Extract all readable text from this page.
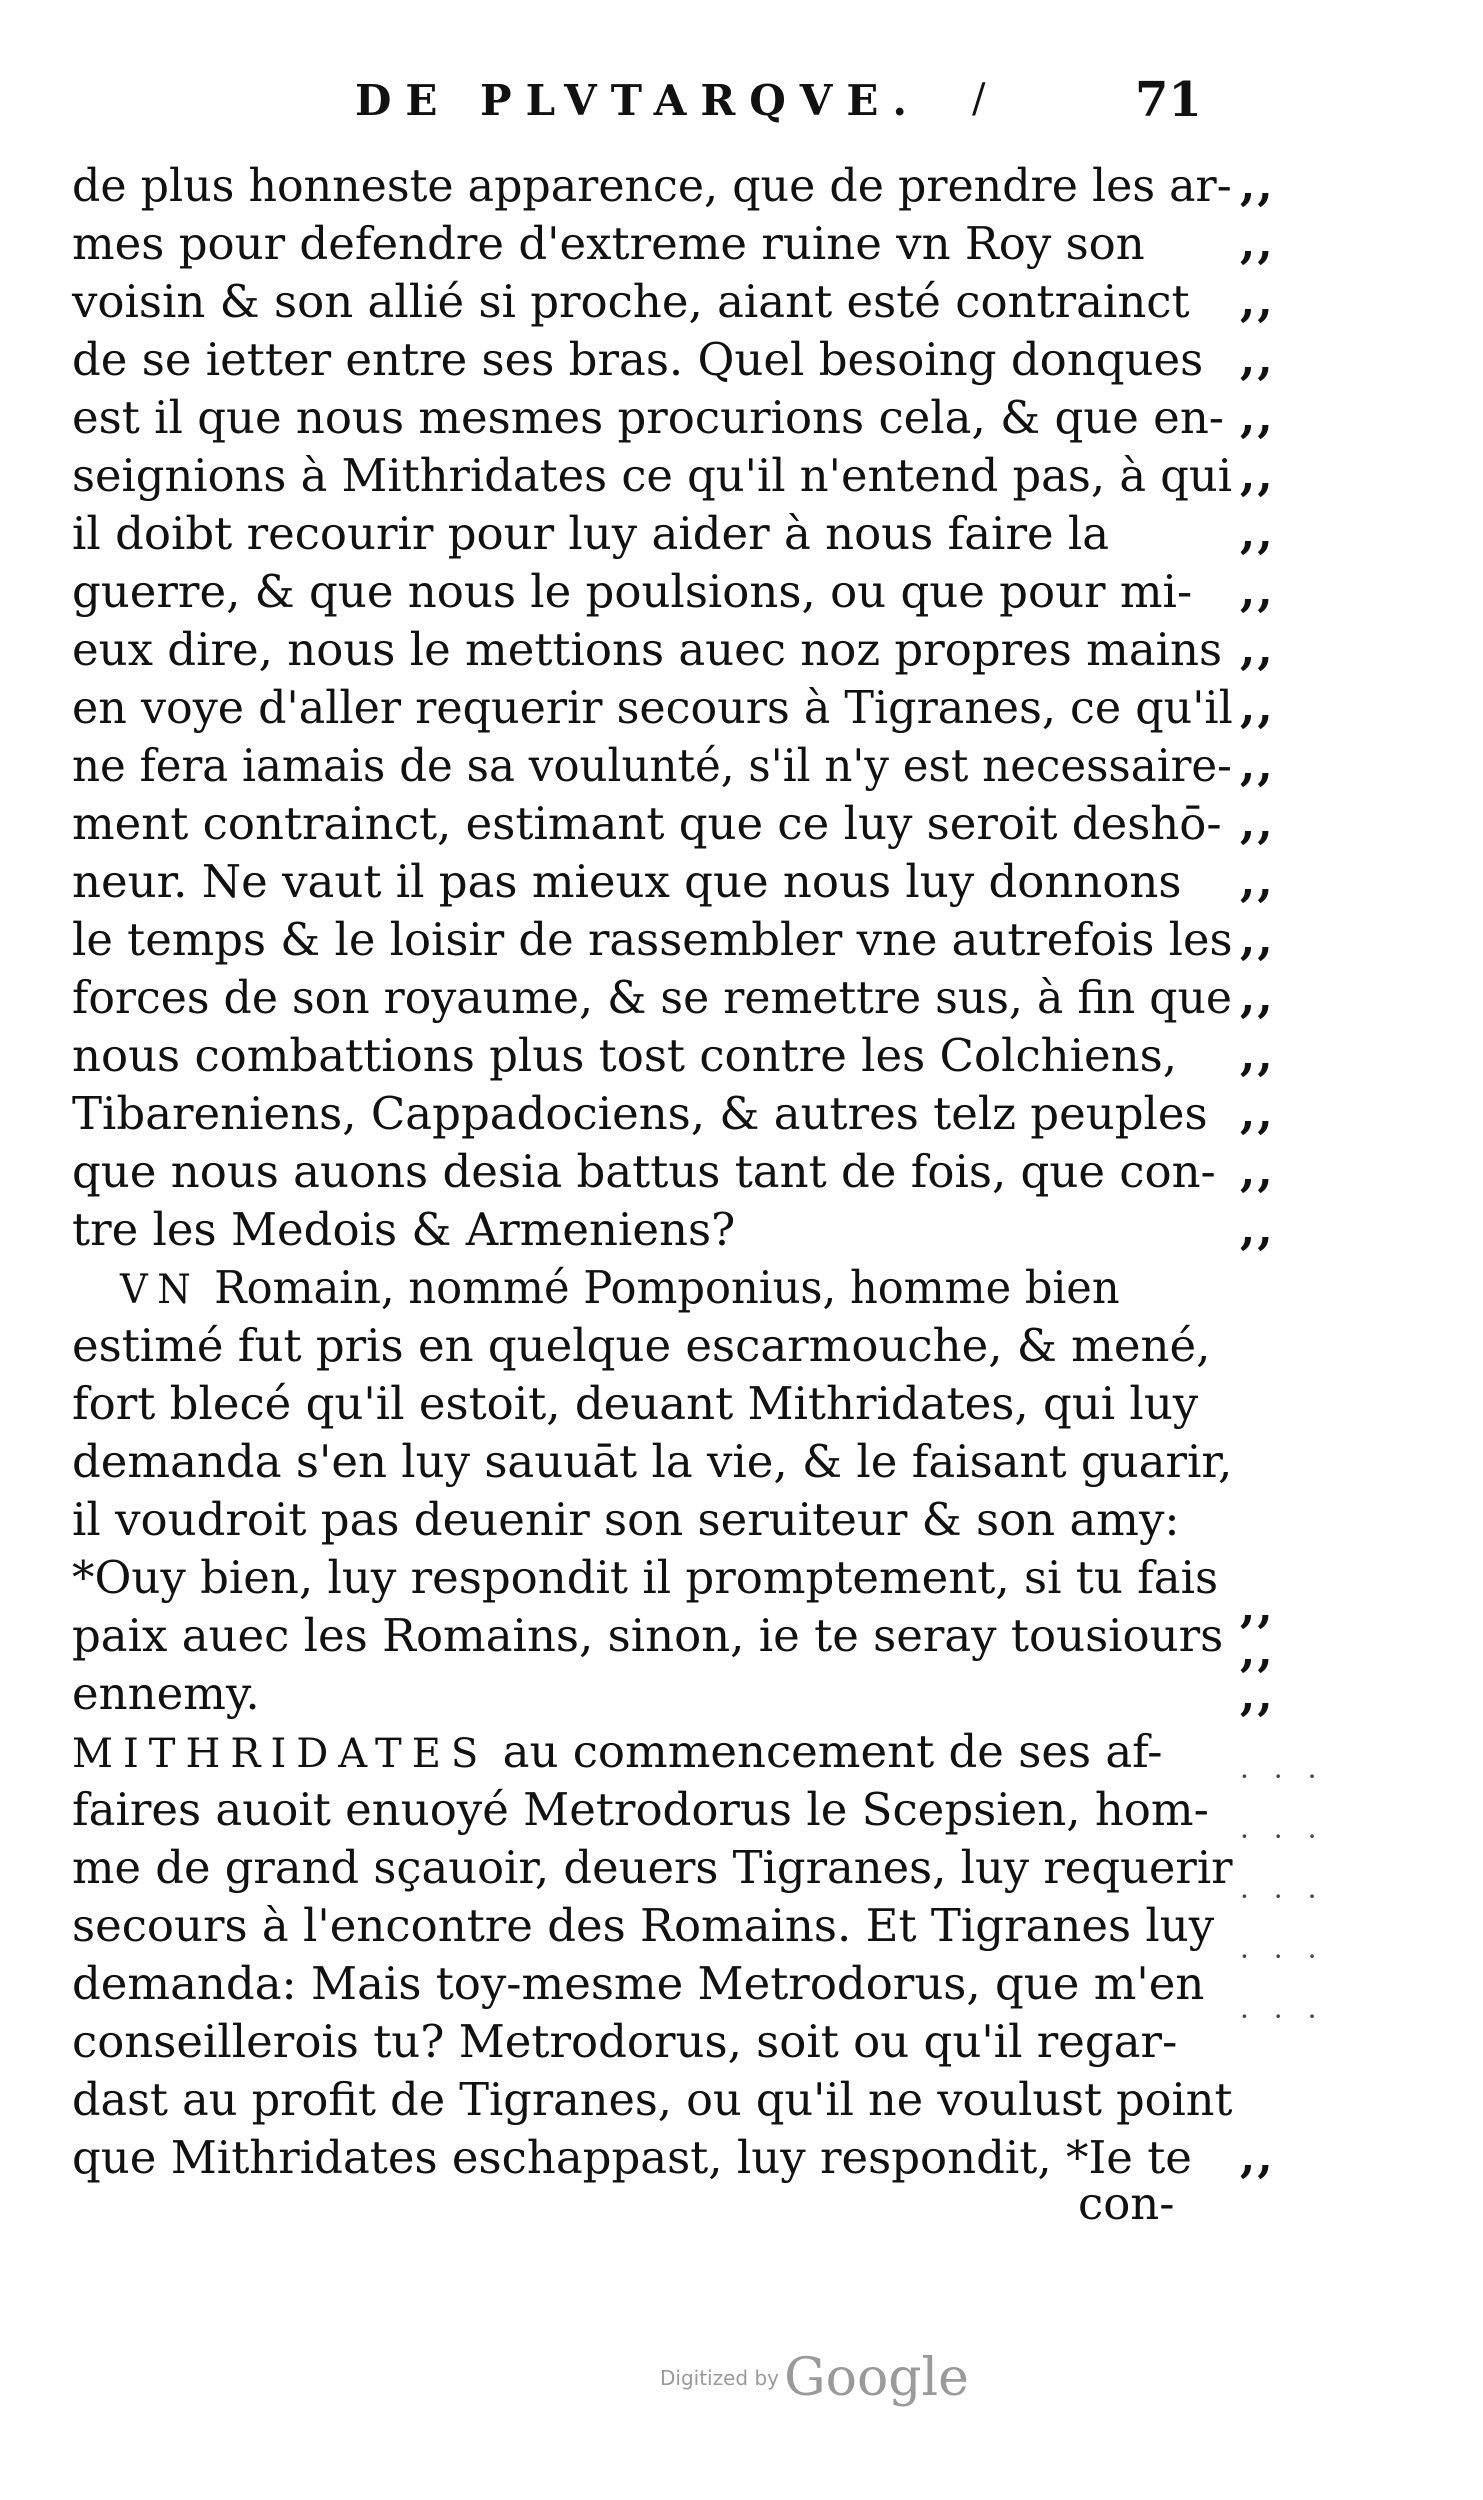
DE PLVTARQVE. /	71
de plus honneste apparence, que de prendre les ar- ,,
mes pour defendre d'extreme ruine vn Roy son	,,
voisin & son allié si proche, aiant esté contrainct	,,
de se ietter entre ses bras. Quel besoing donques ,,
est il que nous mesmes procurions cela, & que en- ,,
seignions à Mithridates ce qu'il n'entend pas, à qui ,,
il doibt recourir pour luy aider à nous faire la	,,
guerre, & que nous le poulsions, ou que pour mi-	,,
eux dire, nous le mettions auec noz propres mains ,,
en voye d'aller requerir secours à Tigranes, ce qu'il ,,
ne fera iamais de sa voulunté, s'il n'y est necessaire- ,,
ment contrainct, estimant que ce luy seroit deshō- ,,
neur. Ne vaut il pas mieux que nous luy donnons	,,
le temps & le loisir de rassembler vne autrefois les ,,
forces de son royaume, & se remettre sus, à fin que ,,
nous combattions plus tost contre les Colchiens,	,,
Tibareniens, Cappadociens, & autres telz peuples ,,
que nous auons desia battus tant de fois, que con- ,,
tre les Medois & Armeniens?	,,
VN Romain, nommé Pomponius, homme bien
estimé fut pris en quelque escarmouche, & mené,
fort blecé qu'il estoit, deuant Mithridates, qui luy
demanda s'en luy sauuāt la vie, & le faisant guarir,
il voudroit pas deuenir son seruiteur & son amy:
*Ouy bien, luy respondit il promptement, si tu fais
,,
paix auec les Romains, sinon, ie te seray tousiours ,,
ennemy.	,,
MITHRIDATES au commencement de ses af-
faires auoit enuoyé Metrodorus le Scepsien, hom-
me de grand sçauoir, deuers Tigranes, luy requerir
secours à l'encontre des Romains. Et Tigranes luy
demanda: Mais toy-mesme Metrodorus, que m'en
conseillerois tu? Metrodorus, soit ou qu'il regar-
dast au profit de Tigranes, ou qu'il ne voulust point
que Mithridates eschappast, luy respondit, *Ie te	,,
con-
· · ·
· · ·
· · ·
· · ·
· · ·
Digitized by Google
